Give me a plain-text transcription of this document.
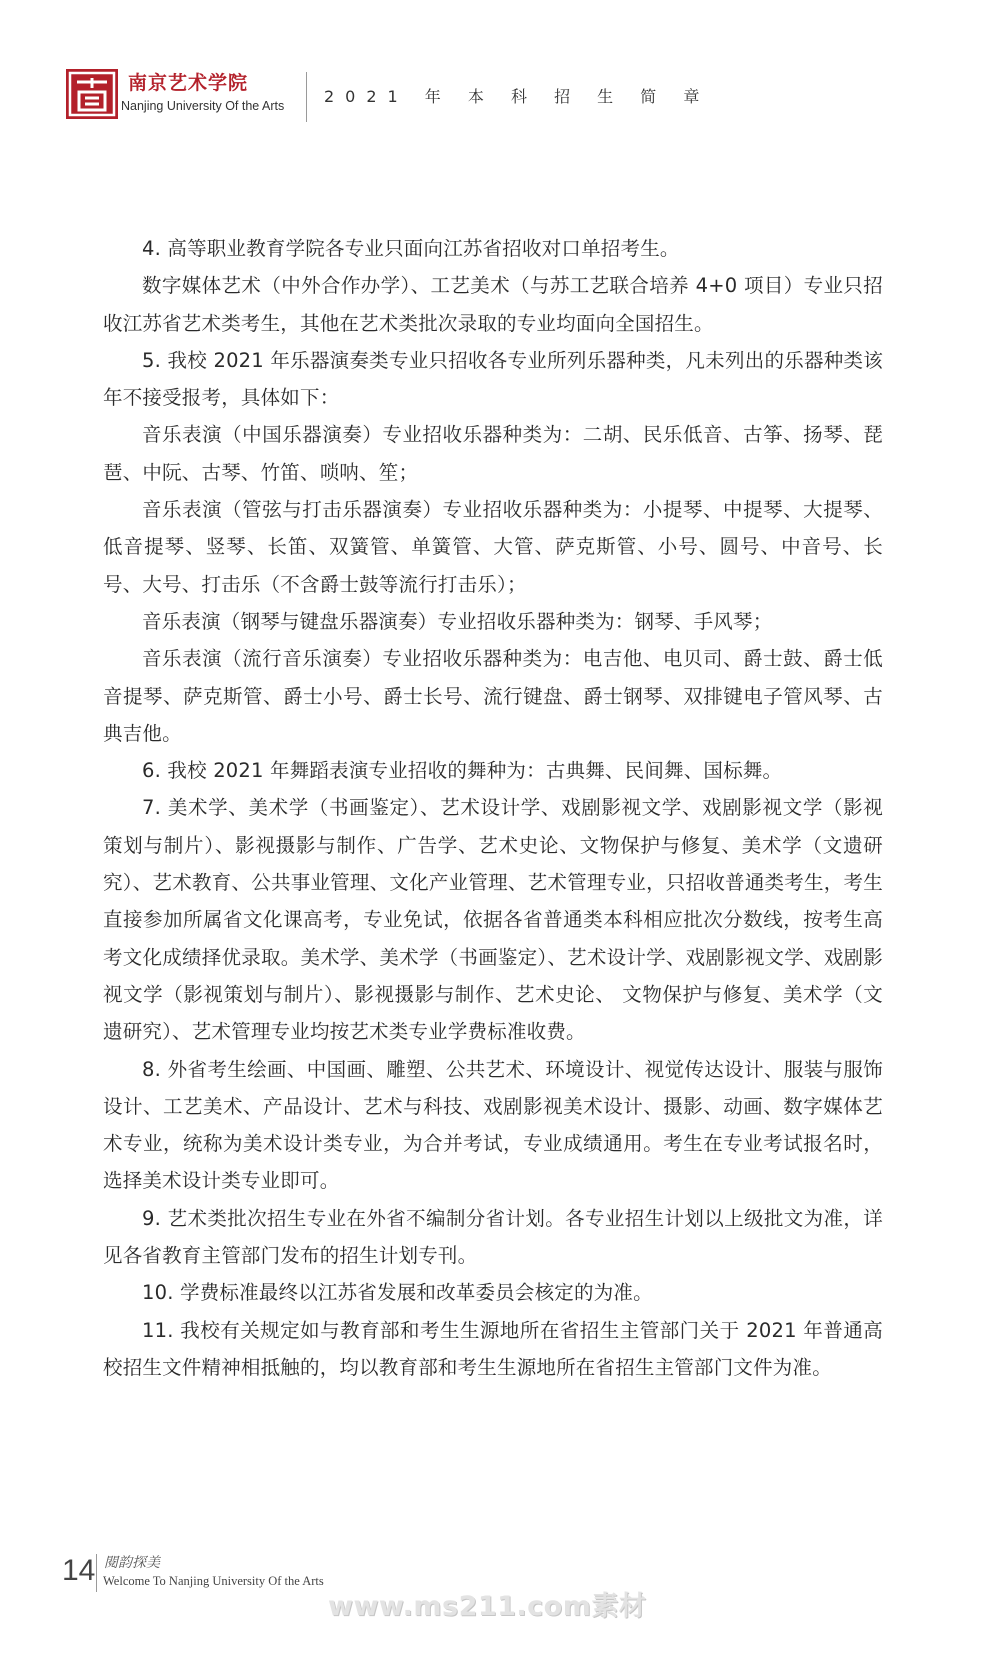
艺
南京艺术学院
Nanjing University Of the Arts 2021 年 本 科 招 生 简 章

4. 高等职业教育学院各专业只面向江苏省招收对口单招考生。

数字媒体艺术（中外合作办学）、工艺美术（与苏工艺联合培养 4+0 项目）专业只招收江苏省艺术类考生，其他在艺术类批次录取的专业均面向全国招生。

5. 我校 2021 年乐器演奏类专业只招收各专业所列乐器种类，凡未列出的乐器种类该年不接受报考，具体如下：

音乐表演（中国乐器演奏）专业招收乐器种类为：二胡、民乐低音、古筝、扬琴、琵琶、中阮、古琴、竹笛、唢呐、笙；

音乐表演（管弦与打击乐器演奏）专业招收乐器种类为：小提琴、中提琴、大提琴、低音提琴、竖琴、长笛、双簧管、单簧管、大管、萨克斯管、小号、圆号、中音号、长号、大号、打击乐（不含爵士鼓等流行打击乐）；

音乐表演（钢琴与键盘乐器演奏）专业招收乐器种类为：钢琴、手风琴；

音乐表演（流行音乐演奏）专业招收乐器种类为：电吉他、电贝司、爵士鼓、爵士低音提琴、萨克斯管、爵士小号、爵士长号、流行键盘、爵士钢琴、双排键电子管风琴、古典吉他。

6. 我校 2021 年舞蹈表演专业招收的舞种为：古典舞、民间舞、国标舞。

7. 美术学、美术学（书画鉴定）、艺术设计学、戏剧影视文学、戏剧影视文学（影视策划与制片）、影视摄影与制作、广告学、艺术史论、文物保护与修复、美术学（文遗研究）、艺术教育、公共事业管理、文化产业管理、艺术管理专业，只招收普通类考生，考生直接参加所属省文化课高考，专业免试，依据各省普通类本科相应批次分数线，按考生高考文化成绩择优录取。美术学、美术学（书画鉴定）、艺术设计学、戏剧影视文学、戏剧影视文学（影视策划与制片）、影视摄影与制作、艺术史论、 文物保护与修复、美术学（文遗研究）、艺术管理专业均按艺术类专业学费标准收费。

8. 外省考生绘画、中国画、雕塑、公共艺术、环境设计、视觉传达设计、服装与服饰设计、工艺美术、产品设计、艺术与科技、戏剧影视美术设计、摄影、动画、数字媒体艺术专业，统称为美术设计类专业，为合并考试，专业成绩通用。考生在专业考试报名时，选择美术设计类专业即可。

9. 艺术类批次招生专业在外省不编制分省计划。各专业招生计划以上级批文为准，详见各省教育主管部门发布的招生计划专刊。

10. 学费标准最终以江苏省发展和改革委员会核定的为准。

11. 我校有关规定如与教育部和考生生源地所在省招生主管部门关于 2021 年普通高校招生文件精神相抵触的，均以教育部和考生生源地所在省招生主管部门文件为准。

14 閱韵探美
Welcome To Nanjing University Of the Arts
www.ms211.com素材
